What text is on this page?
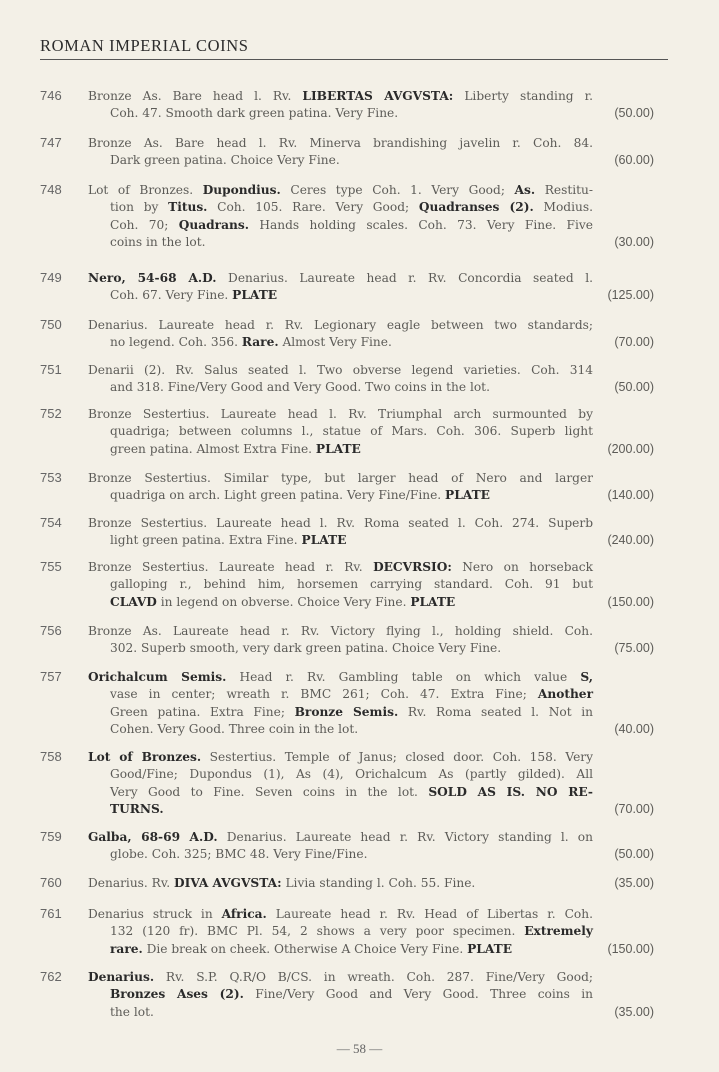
ROMAN IMPERIAL COINS
746 Bronze As. Bare head l. Rv. LIBERTAS AVGVSTA: Liberty standing r.
Coh. 47. Smooth dark green patina. Very Fine.	(50.00)
747 Bronze As. Bare head l. Rv. Minerva brandishing javelin r. Coh. 84.
Dark green patina. Choice Very Fine.	(60.00)
748 Lot of Bronzes. Dupondius. Ceres type Coh. 1. Very Good; As. Restitu-
tion by Titus. Coh. 105. Rare. Very Good; Quadranses (2). Modius.
Coh. 70; Quadrans. Hands holding scales. Coh. 73. Very Fine. Five
coins in the lot.	(30.00)
749 Nero, 54-68 A.D. Denarius. Laureate head r. Rv. Concordia seated l.
Coh. 67. Very Fine. PLATE	(125.00)
750 Denarius. Laureate head r. Rv. Legionary eagle between two standards;
no legend. Coh. 356. Rare. Almost Very Fine.	(70.00)
751 Denarii (2). Rv. Salus seated l. Two obverse legend varieties. Coh. 314
and 318. Fine/Very Good and Very Good. Two coins in the lot.	(50.00)
752 Bronze Sestertius. Laureate head l. Rv. Triumphal arch surmounted by
quadriga; between columns l., statue of Mars. Coh. 306. Superb light
green patina. Almost Extra Fine. PLATE	(200.00)
753 Bronze Sestertius. Similar type, but larger head of Nero and larger
quadriga on arch. Light green patina. Very Fine/Fine. PLATE	(140.00)
754 Bronze Sestertius. Laureate head l. Rv. Roma seated l. Coh. 274. Superb
light green patina. Extra Fine. PLATE	(240.00)
755 Bronze Sestertius. Laureate head r. Rv. DECVRSIO: Nero on horseback
galloping r., behind him, horsemen carrying standard. Coh. 91 but
CLAVD in legend on obverse. Choice Very Fine. PLATE	(150.00)
756 Bronze As. Laureate head r. Rv. Victory flying l., holding shield. Coh.
302. Superb smooth, very dark green patina. Choice Very Fine.	(75.00)
757 Orichalcum Semis. Head r. Rv. Gambling table on which value S,
vase in center; wreath r. BMC 261; Coh. 47. Extra Fine; Another
Green patina. Extra Fine; Bronze Semis. Rv. Roma seated l. Not in
Cohen. Very Good. Three coin in the lot.	(40.00)
758 Lot of Bronzes. Sestertius. Temple of Janus; closed door. Coh. 158. Very
Good/Fine; Dupondus (1), As (4), Orichalcum As (partly gilded). All
Very Good to Fine. Seven coins in the lot. SOLD AS IS. NO RE-
TURNS.	(70.00)
759 Galba, 68-69 A.D. Denarius. Laureate head r. Rv. Victory standing l. on
globe. Coh. 325; BMC 48. Very Fine/Fine.	(50.00)
760 Denarius. Rv. DIVA AVGVSTA: Livia standing l. Coh. 55. Fine.	(35.00)
761 Denarius struck in Africa. Laureate head r. Rv. Head of Libertas r. Coh.
132 (120 fr). BMC Pl. 54, 2 shows a very poor specimen. Extremely
rare. Die break on cheek. Otherwise A Choice Very Fine. PLATE	(150.00)
762 Denarius. Rv. S.P. Q.R/O B/CS. in wreath. Coh. 287. Fine/Very Good;
Bronzes Ases (2). Fine/Very Good and Very Good. Three coins in
the lot.	(35.00)
— 58 —
